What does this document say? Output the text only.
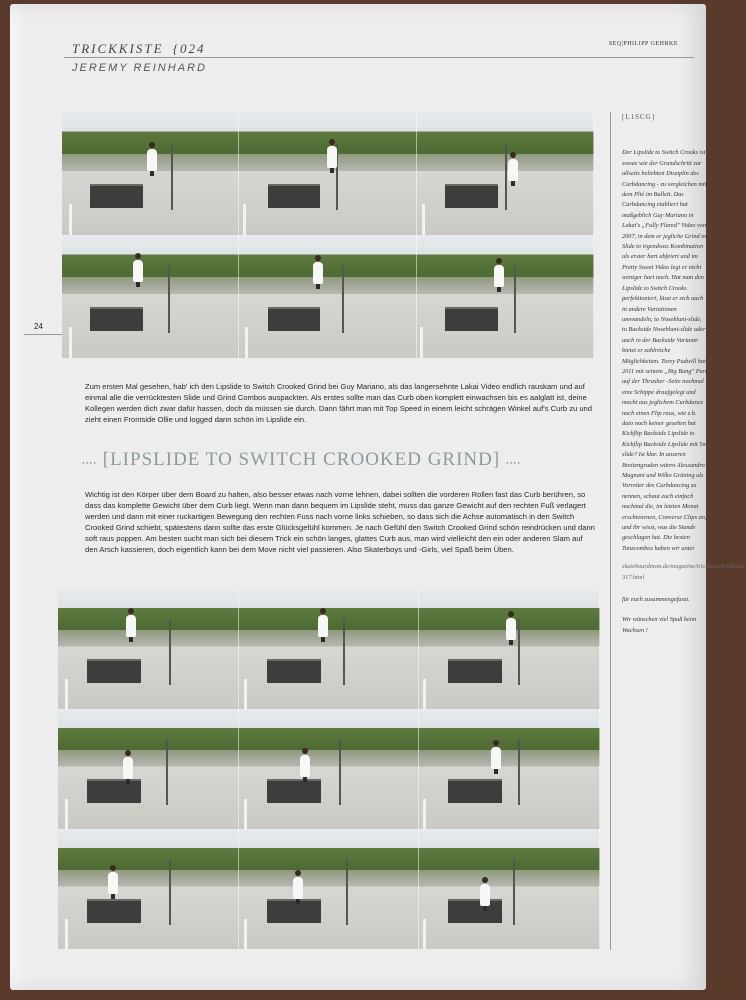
TRICKKISTE {024
JEREMY REINHARD
SEQ|PHILIPP GEHRKE
24
Zum ersten Mal gesehen, hab' ich den Lipslide to Switch Crooked Grind bei Guy Mariano, als das langersehnte Lakai Video endlich rauskam und auf einmal alle die verrücktesten Slide und Grind Combos auspackten. Als erstes sollte man das Curb oben komplett einwachsen bis es aalglatt ist, deine Kollegen werden dich zwar dafür hassen, doch da müssen sie durch. Dann fährt man mit Top Speed in einem leicht schrägen Winkel auf's Curb zu und zieht einen Frontside Ollie und logged dann schön im Lipslide ein.
.... [LIPSLIDE TO SWITCH CROOKED GRIND] ....
Wichtig ist den Körper über dem Board zu halten, also besser etwas nach vorne lehnen, dabei sollten die vorderen Rollen fast das Curb berühren, so dass das komplette Gewicht über dem Curb liegt. Wenn man dann bequem im Lipslide steht, muss das ganze Gewicht auf den rechten Fuß verlagert werden und dann mit einer ruckartigen Bewegung den rechten Fuss nach vorne links schieben, so dass sich die Achse automatisch in den Switch Crooked Grind schiebt, spätestens dann sollte das erste Glücksgefühl kommen. Je nach Gefühl den Switch Crooked Grind schön reindrücken und dann soft raus poppen. Am besten sucht man sich bei diesem Trick ein schön langes, glattes Curb aus, man wird vielleicht den ein oder anderen Slam auf den Arsch kassieren, doch eigentlich kann bei dem Move nicht viel passieren. Also Skaterboys und -Girls, viel Spaß beim Üben.
[L1SCG]

Der Lipslide to Switch Crooks ist sowas wie der Grundschritt zur allseits beliebten Disziplin des Curbdancing - zu vergleichen mit dem Plié im Ballett. Das Curbdancing etabliert hat maßgeblich Guy Mariano in Lakai's „Fully Flared" Video von 2007, in dem er jegliche Grind to Slide to irgendwas Kombination als erster hart abfeiert und im Pretty Sweet Video legt er nicht weniger hart nach. Hat man den Lipslide to Switch Crooks perfektioniert, lässt er sich auch in andere Variationen umwandeln, to Noseblunt-slide, to Backside Noseblunt-slide oder auch in der Backside Variante bietet er zahlreiche Möglichkeiten. Torey Pudwill hat 2011 mit seinem „Big Bang" Part auf der Thrasher -Seite nochmal eine Schippe draufgelegt und macht aus jeglichem Curbdance noch einen Flip raus, wie z.b. dato noch keiner gesehen hat Kickflip Backside Lipslide to Kickflip Backside Lipslide mit 5m slide? Ist klar. In unseren Breitengraden wären Alessandro Magnani und Wilko Grüning als Vorreiter des Curbdancing zu nennen, schaut euch einfach nochmal die, im letzten Monat erschienenen, Converse Clips an, und ihr wisst, was die Stunde geschlagen hat. Die besten Tanzcombos haben wir unter

skateboardmsm.de/magazine/trickkiste/trickkiste-317.html

für euch zusammengefasst.

Wir wünschen viel Spaß beim Wachsen !
